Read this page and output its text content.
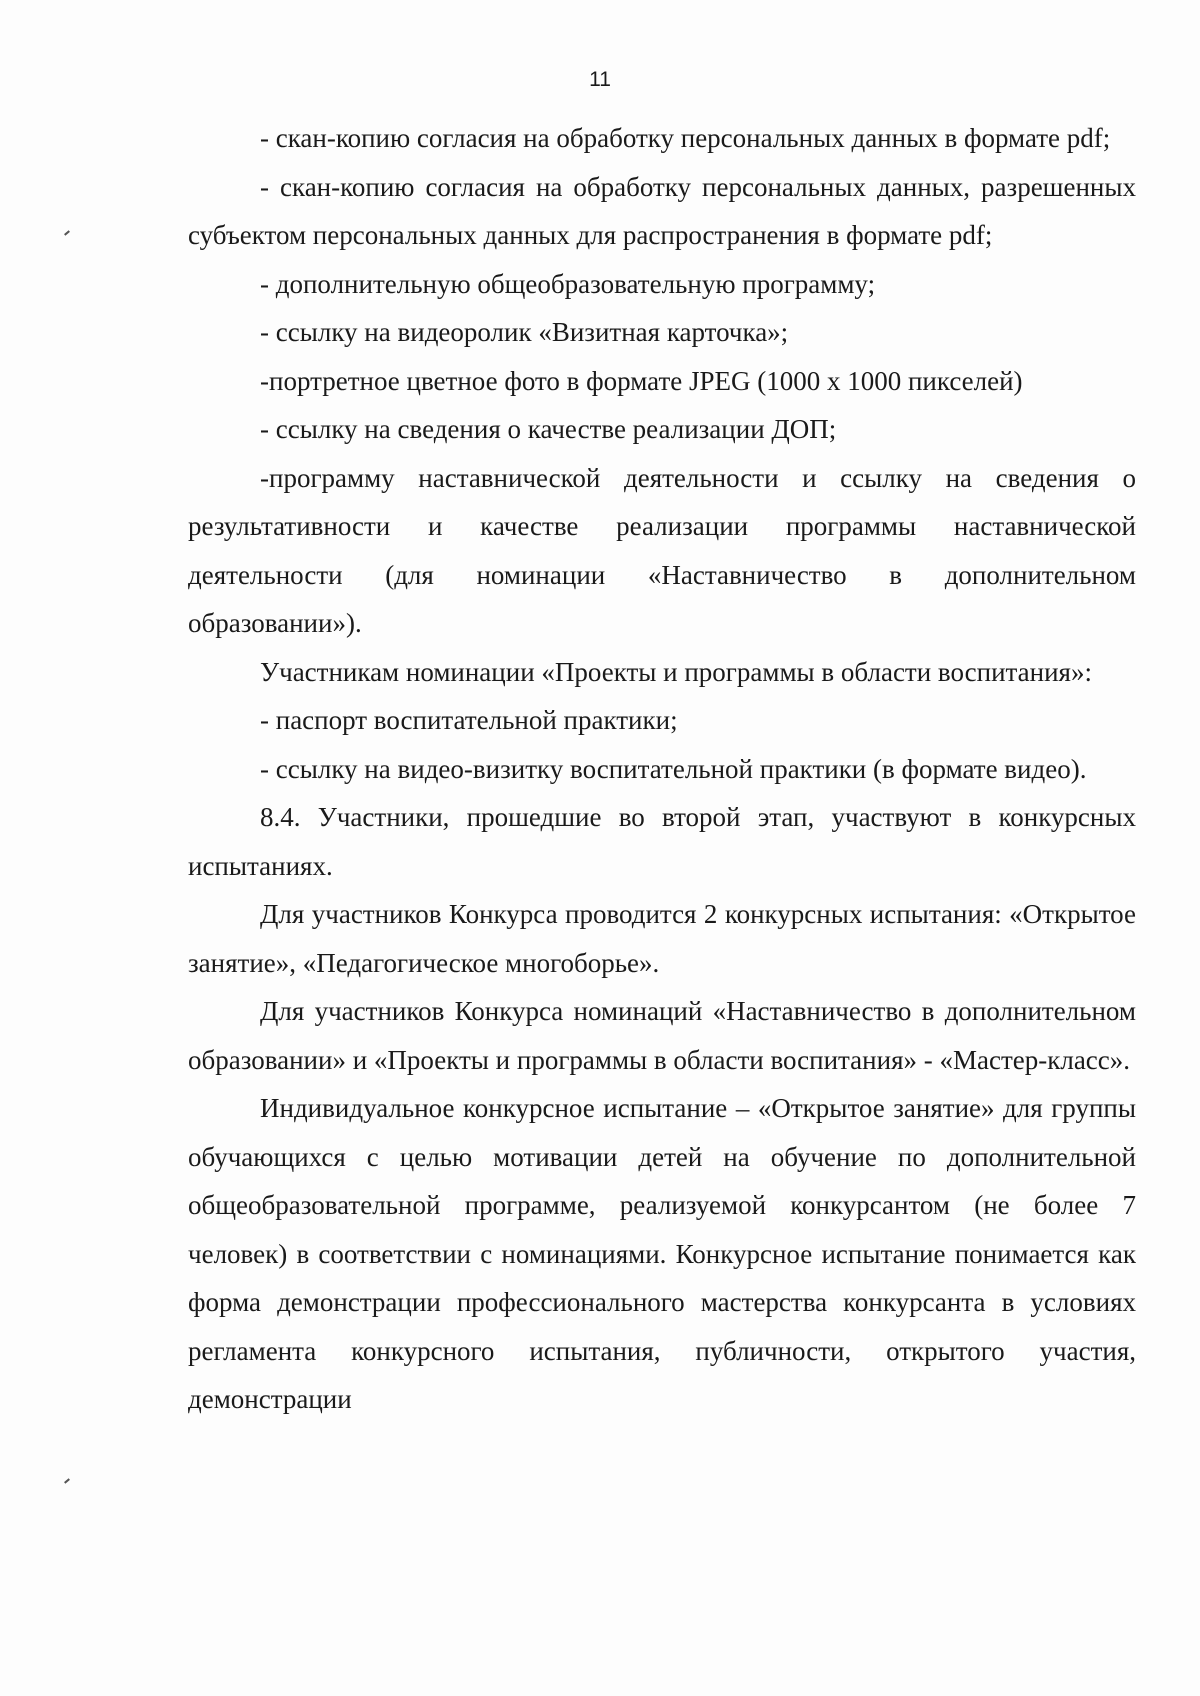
11

- скан-копию согласия на обработку персональных данных в формате pdf;

- скан-копию согласия на обработку персональных данных, разрешенных субъектом персональных данных для распространения в формате pdf;

- дополнительную общеобразовательную программу;

- ссылку на видеоролик «Визитная карточка»;

-портретное цветное фото в формате JPEG (1000 х 1000 пикселей)

- ссылку на сведения о качестве реализации ДОП;

-программу наставнической деятельности и ссылку на сведения о результативности и качестве реализации программы наставнической деятельности (для номинации «Наставничество в дополнительном образовании»).

Участникам номинации «Проекты и программы в области воспитания»:

- паспорт воспитательной практики;

- ссылку на видео-визитку воспитательной практики (в формате видео).

8.4. Участники, прошедшие во второй этап, участвуют в конкурсных испытаниях.

Для участников Конкурса проводится 2 конкурсных испытания: «Открытое занятие», «Педагогическое многоборье».

Для участников Конкурса номинаций «Наставничество в дополнительном образовании» и «Проекты и программы в области воспитания» - «Мастер-класс».

Индивидуальное конкурсное испытание – «Открытое занятие» для группы обучающихся с целью мотивации детей на обучение по дополнительной общеобразовательной программе, реализуемой конкурсантом (не более 7 человек) в соответствии с номинациями. Конкурсное испытание понимается как форма демонстрации профессионального мастерства конкурсанта в условиях регламента конкурсного испытания, публичности, открытого участия, демонстрации
